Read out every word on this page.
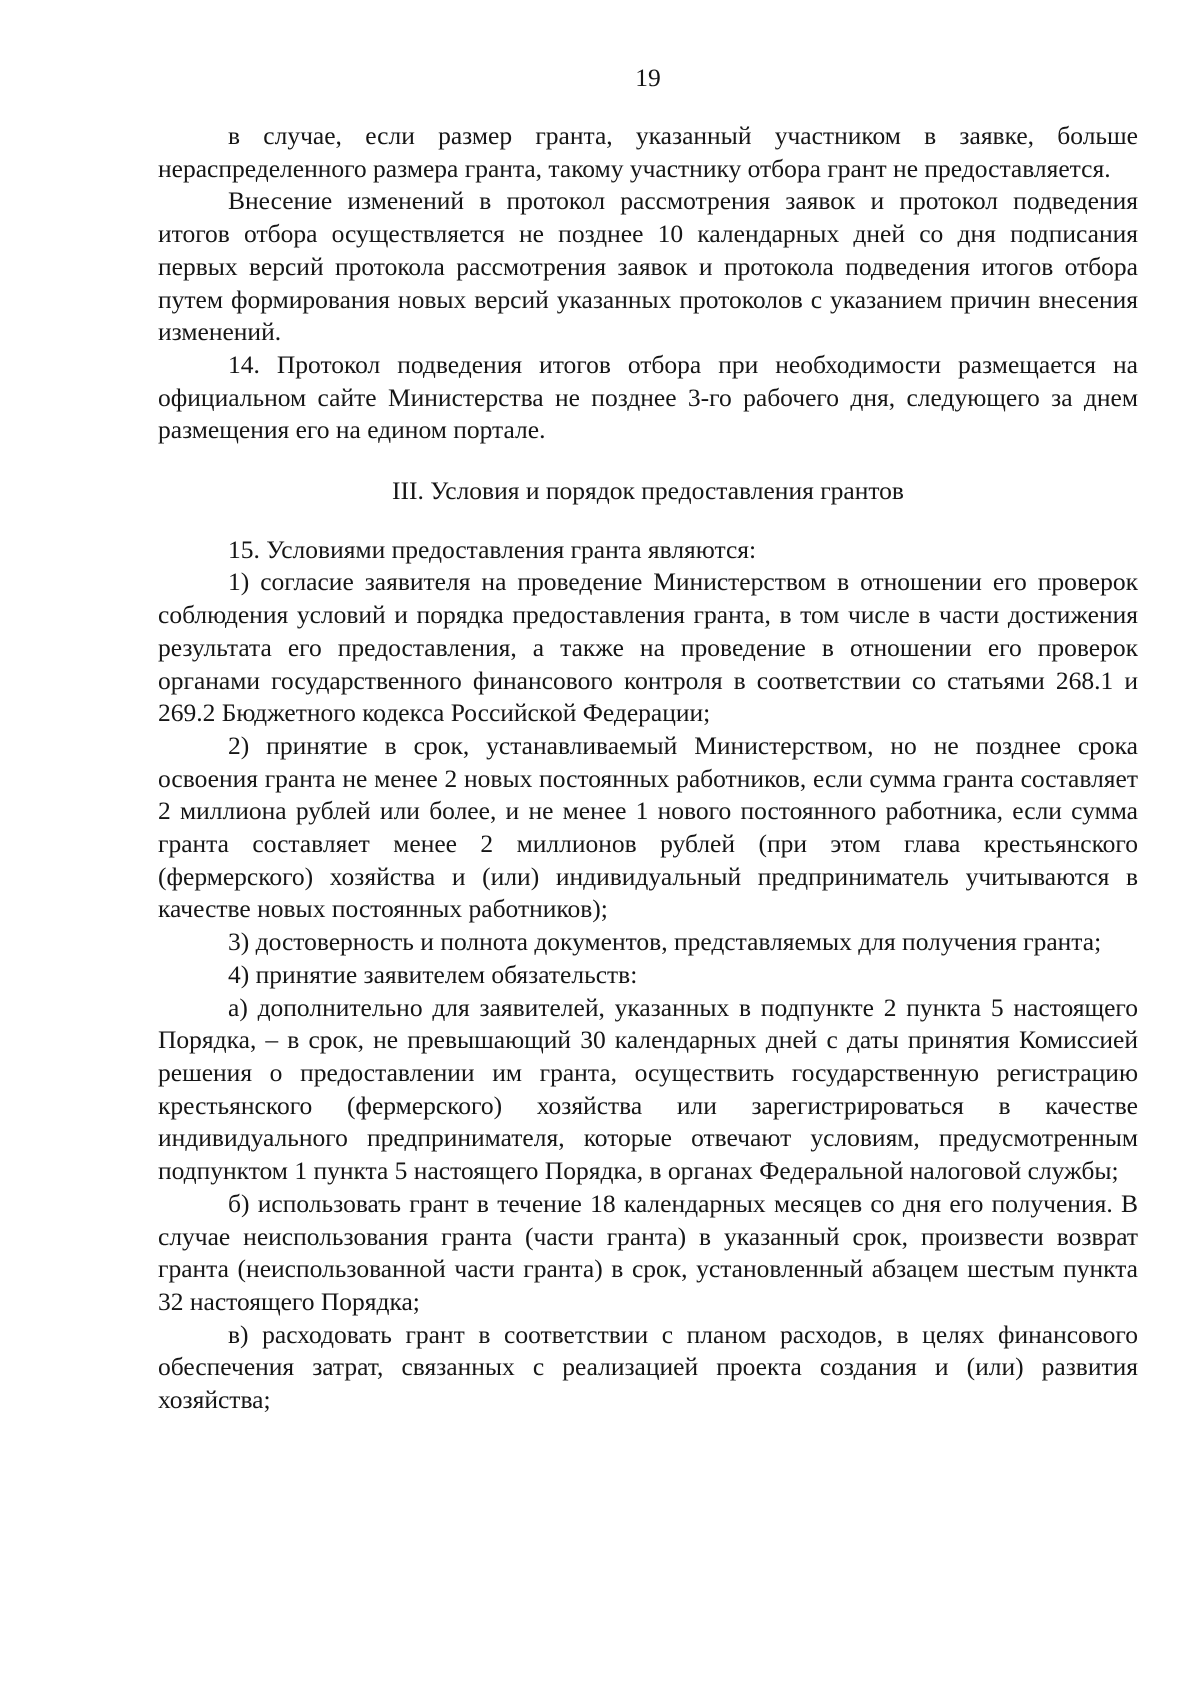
19

в случае, если размер гранта, указанный участником в заявке, больше нераспределенного размера гранта, такому участнику отбора грант не предоставляется.

Внесение изменений в протокол рассмотрения заявок и протокол подведения итогов отбора осуществляется не позднее 10 календарных дней со дня подписания первых версий протокола рассмотрения заявок и протокола подведения итогов отбора путем формирования новых версий указанных протоколов с указанием причин внесения изменений.

14. Протокол подведения итогов отбора при необходимости размещается на официальном сайте Министерства не позднее 3-го рабочего дня, следующего за днем размещения его на едином портале.

III. Условия и порядок предоставления грантов

15. Условиями предоставления гранта являются:

1) согласие заявителя на проведение Министерством в отношении его проверок соблюдения условий и порядка предоставления гранта, в том числе в части достижения результата его предоставления, а также на проведение в отношении его проверок органами государственного финансового контроля в соответствии со статьями 268.1 и 269.2 Бюджетного кодекса Российской Федерации;

2) принятие в срок, устанавливаемый Министерством, но не позднее срока освоения гранта не менее 2 новых постоянных работников, если сумма гранта составляет 2 миллиона рублей или более, и не менее 1 нового постоянного работника, если сумма гранта составляет менее 2 миллионов рублей (при этом глава крестьянского (фермерского) хозяйства и (или) индивидуальный предприниматель учитываются в качестве новых постоянных работников);

3) достоверность и полнота документов, представляемых для получения гранта;

4) принятие заявителем обязательств:

а) дополнительно для заявителей, указанных в подпункте 2 пункта 5 настоящего Порядка, – в срок, не превышающий 30 календарных дней с даты принятия Комиссией решения о предоставлении им гранта, осуществить государственную регистрацию крестьянского (фермерского) хозяйства или зарегистрироваться в качестве индивидуального предпринимателя, которые отвечают условиям, предусмотренным подпунктом 1 пункта 5 настоящего Порядка, в органах Федеральной налоговой службы;

б) использовать грант в течение 18 календарных месяцев со дня его получения. В случае неиспользования гранта (части гранта) в указанный срок, произвести возврат гранта (неиспользованной части гранта) в срок, установленный абзацем шестым пункта 32 настоящего Порядка;

в) расходовать грант в соответствии с планом расходов, в целях финансового обеспечения затрат, связанных с реализацией проекта создания и (или) развития хозяйства;
